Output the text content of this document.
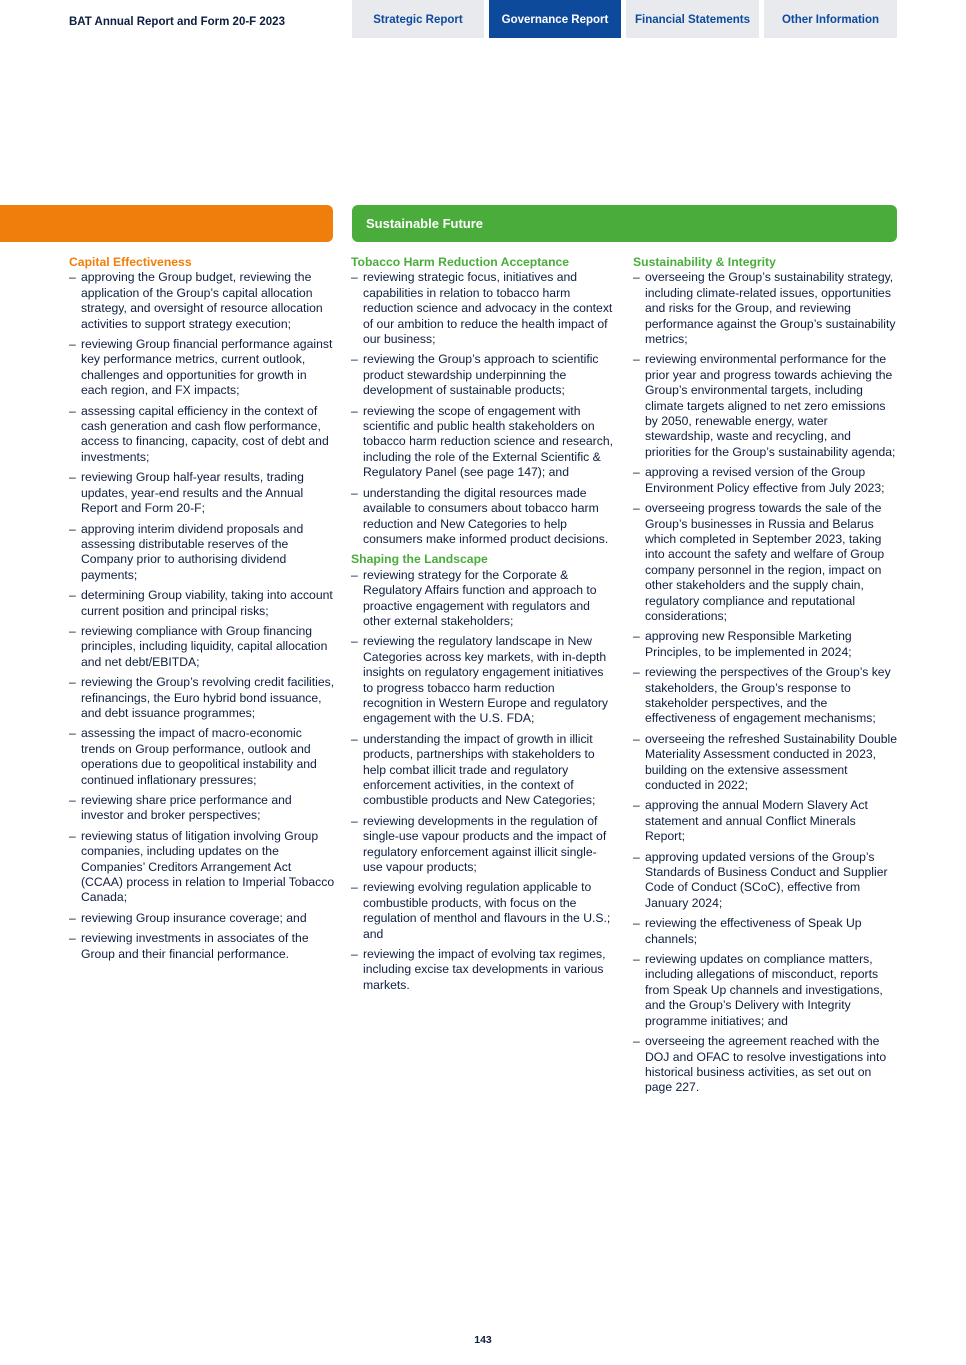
BAT Annual Report and Form 20-F 2023	Strategic Report	Governance Report	Financial Statements	Other Information
Sustainable Future
Capital Effectiveness
– approving the Group budget, reviewing the application of the Group’s capital allocation strategy, and oversight of resource allocation activities to support strategy execution;
– reviewing Group financial performance against key performance metrics, current outlook, challenges and opportunities for growth in each region, and FX impacts;
– assessing capital efficiency in the context of cash generation and cash flow performance, access to financing, capacity, cost of debt and investments;
– reviewing Group half-year results, trading updates, year-end results and the Annual Report and Form 20-F;
– approving interim dividend proposals and assessing distributable reserves of the Company prior to authorising dividend payments;
– determining Group viability, taking into account current position and principal risks;
– reviewing compliance with Group financing principles, including liquidity, capital allocation and net debt/EBITDA;
– reviewing the Group’s revolving credit facilities, refinancings, the Euro hybrid bond issuance, and debt issuance programmes;
– assessing the impact of macro-economic trends on Group performance, outlook and operations due to geopolitical instability and continued inflationary pressures;
– reviewing share price performance and investor and broker perspectives;
– reviewing status of litigation involving Group companies, including updates on the Companies’ Creditors Arrangement Act (CCAA) process in relation to Imperial Tobacco Canada;
– reviewing Group insurance coverage; and
– reviewing investments in associates of the Group and their financial performance.
Tobacco Harm Reduction Acceptance
– reviewing strategic focus, initiatives and capabilities in relation to tobacco harm reduction science and advocacy in the context of our ambition to reduce the health impact of our business;
– reviewing the Group’s approach to scientific product stewardship underpinning the development of sustainable products;
– reviewing the scope of engagement with scientific and public health stakeholders on tobacco harm reduction science and research, including the role of the External Scientific & Regulatory Panel (see page 147); and
– understanding the digital resources made available to consumers about tobacco harm reduction and New Categories to help consumers make informed product decisions.
Shaping the Landscape
– reviewing strategy for the Corporate & Regulatory Affairs function and approach to proactive engagement with regulators and other external stakeholders;
– reviewing the regulatory landscape in New Categories across key markets, with in-depth insights on regulatory engagement initiatives to progress tobacco harm reduction recognition in Western Europe and regulatory engagement with the U.S. FDA;
– understanding the impact of growth in illicit products, partnerships with stakeholders to help combat illicit trade and regulatory enforcement activities, in the context of combustible products and New Categories;
– reviewing developments in the regulation of single-use vapour products and the impact of regulatory enforcement against illicit single-use vapour products;
– reviewing evolving regulation applicable to combustible products, with focus on the regulation of menthol and flavours in the U.S.; and
– reviewing the impact of evolving tax regimes, including excise tax developments in various markets.
Sustainability & Integrity
– overseeing the Group’s sustainability strategy, including climate-related issues, opportunities and risks for the Group, and reviewing performance against the Group’s sustainability metrics;
– reviewing environmental performance for the prior year and progress towards achieving the Group’s environmental targets, including climate targets aligned to net zero emissions by 2050, renewable energy, water stewardship, waste and recycling, and priorities for the Group’s sustainability agenda;
– approving a revised version of the Group Environment Policy effective from July 2023;
– overseeing progress towards the sale of the Group’s businesses in Russia and Belarus which completed in September 2023, taking into account the safety and welfare of Group company personnel in the region, impact on other stakeholders and the supply chain, regulatory compliance and reputational considerations;
– approving new Responsible Marketing Principles, to be implemented in 2024;
– reviewing the perspectives of the Group’s key stakeholders, the Group’s response to stakeholder perspectives, and the effectiveness of engagement mechanisms;
– overseeing the refreshed Sustainability Double Materiality Assessment conducted in 2023, building on the extensive assessment conducted in 2022;
– approving the annual Modern Slavery Act statement and annual Conflict Minerals Report;
– approving updated versions of the Group’s Standards of Business Conduct and Supplier Code of Conduct (SCoC), effective from January 2024;
– reviewing the effectiveness of Speak Up channels;
– reviewing updates on compliance matters, including allegations of misconduct, reports from Speak Up channels and investigations, and the Group’s Delivery with Integrity programme initiatives; and
– overseeing the agreement reached with the DOJ and OFAC to resolve investigations into historical business activities, as set out on page 227.
143
